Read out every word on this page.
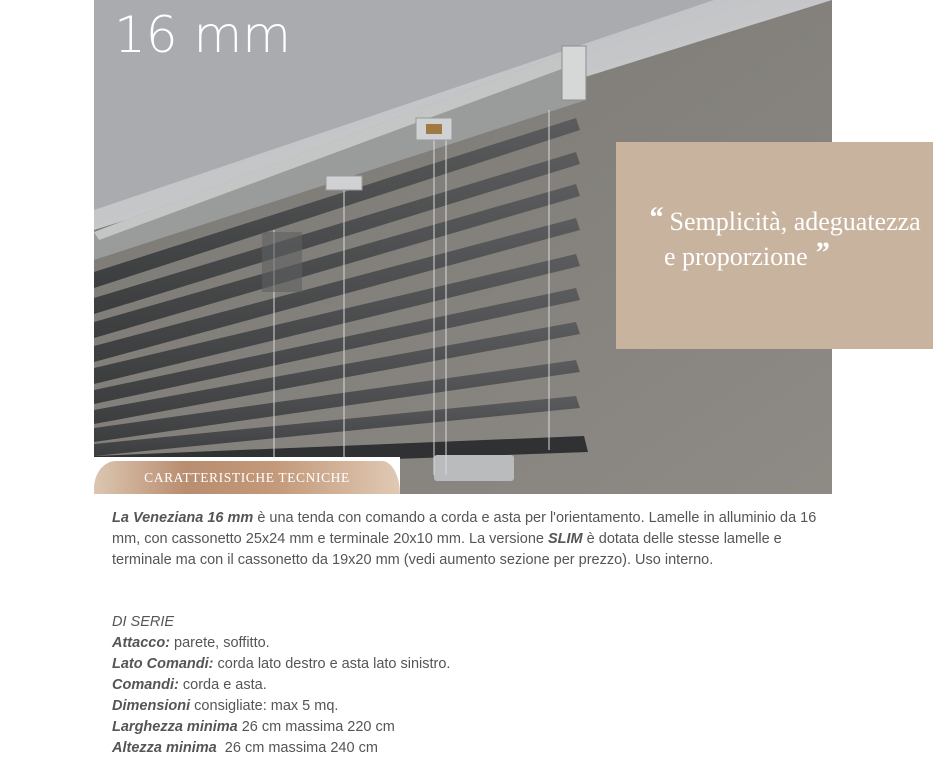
16 mm
“ Semplicità, adeguatezza
e proporzione ”
CARATTERISTICHE TECNICHE

La Veneziana 16 mm è una tenda con comando a corda e asta per l'orientamento. Lamelle in alluminio da 16 mm, con cassonetto 25x24 mm e terminale 20x10 mm. La versione SLIM è dotata delle stesse lamelle e terminale ma con il cassonetto da 19x20 mm (vedi aumento sezione per prezzo). Uso interno.

DI SERIE
Attacco: parete, soffitto.
Lato Comandi: corda lato destro e asta lato sinistro.
Comandi: corda e asta.
Dimensioni consigliate: max 5 mq.
Larghezza minima 26 cm massima 220 cm
Altezza minima  26 cm massima 240 cm
